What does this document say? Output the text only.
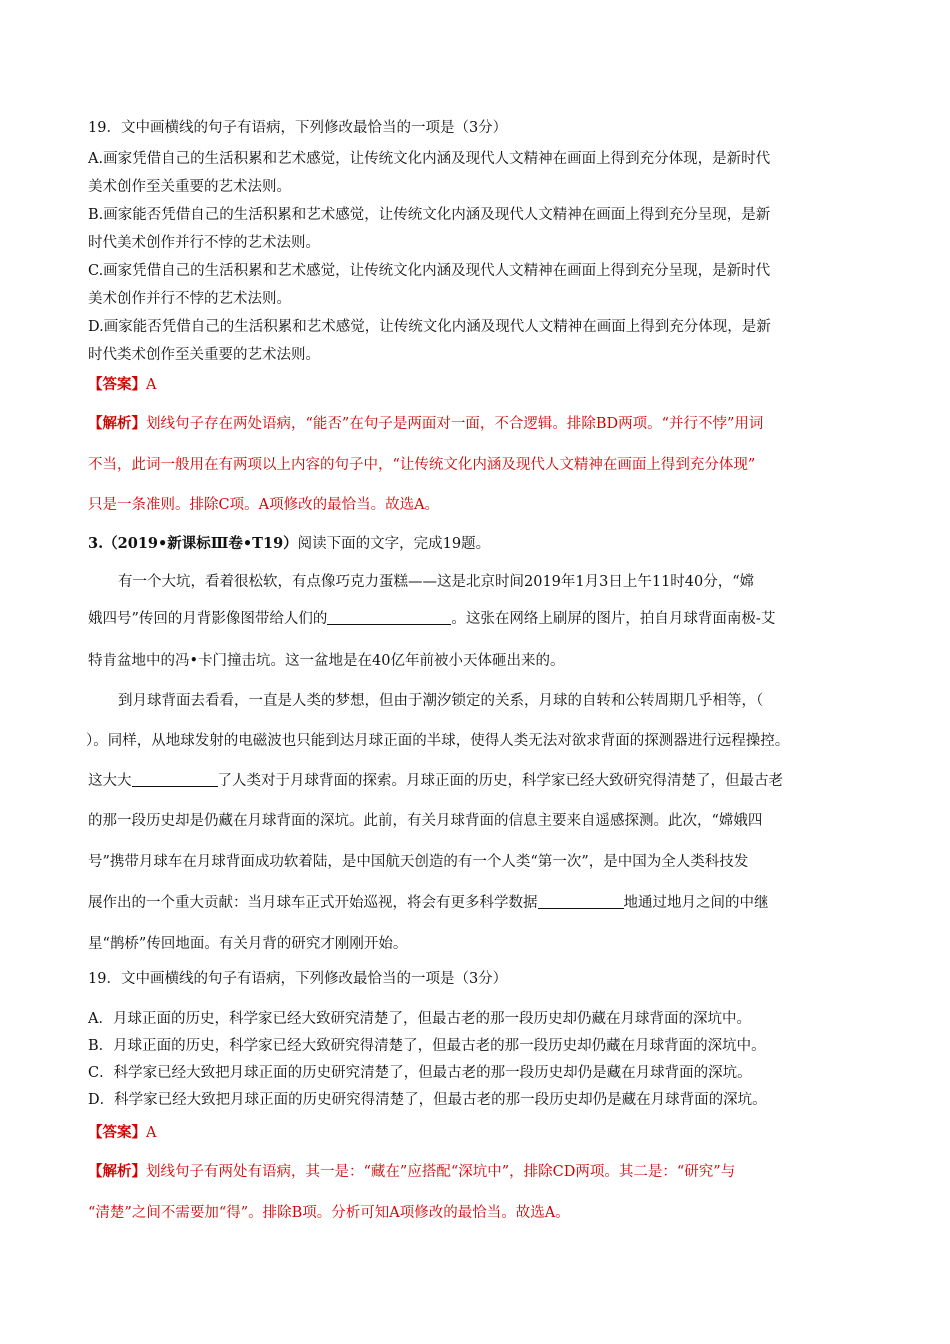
19．文中画横线的句子有语病，下列修改最恰当的一项是（3分）
A.画家凭借自己的生活积累和艺术感觉，让传统文化内涵及现代人文精神在画面上得到充分体现，是新时代
美术创作至关重要的艺术法则。
B.画家能否凭借自己的生活积累和艺术感觉，让传统文化内涵及现代人文精神在画面上得到充分呈现，是新
时代美术创作并行不悖的艺术法则。
C.画家凭借自己的生活积累和艺术感觉，让传统文化内涵及现代人文精神在画面上得到充分呈现，是新时代
美术创作并行不悖的艺术法则。
D.画家能否凭借自己的生活积累和艺术感觉，让传统文化内涵及现代人文精神在画面上得到充分体现，是新
时代类术创作至关重要的艺术法则。
【答案】A
【解析】划线句子存在两处语病，“能否”在句子是两面对一面，不合逻辑。排除BD两项。“并行不悖”用词
不当，此词一般用在有两项以上内容的句子中，“让传统文化内涵及现代人文精神在画面上得到充分体现”
只是一条准则。排除C项。A项修改的最恰当。故选A。
3.（2019•新课标Ⅲ卷•T19）阅读下面的文字，完成19题。
有一个大坑，看着很松软，有点像巧克力蛋糕——这是北京时间2019年1月3日上午11时40分，“嫦
娥四号”传回的月背影像图带给人们的	。这张在网络上刷屏的图片，拍自月球背面南极-艾
特肯盆地中的冯•卡门撞击坑。这一盆地是在40亿年前被小天体砸出来的。
到月球背面去看看，一直是人类的梦想，但由于潮汐锁定的关系，月球的自转和公转周期几乎相等，（
）。同样，从地球发射的电磁波也只能到达月球正面的半球，使得人类无法对欲求背面的探测器进行远程操控。
这大大	了人类对于月球背面的探索。月球正面的历史，科学家已经大致研究得清楚了，但最古老
的那一段历史却是仍藏在月球背面的深坑。此前，有关月球背面的信息主要来自遥感探测。此次，“嫦娥四
号”携带月球车在月球背面成功软着陆，是中国航天创造的有一个人类“第一次”，是中国为全人类科技发
展作出的一个重大贡献：当月球车正式开始巡视，将会有更多科学数据	地通过地月之间的中继
星“鹊桥”传回地面。有关月背的研究才刚刚开始。
19．文中画横线的句子有语病，下列修改最恰当的一项是（3分）
A．月球正面的历史，科学家已经大致研究清楚了，但最古老的那一段历史却仍藏在月球背面的深坑中。
B．月球正面的历史，科学家已经大致研究得清楚了，但最古老的那一段历史却仍藏在月球背面的深坑中。
C．科学家已经大致把月球正面的历史研究清楚了，但最古老的那一段历史却仍是藏在月球背面的深坑。
D．科学家已经大致把月球正面的历史研究得清楚了，但最古老的那一段历史却仍是藏在月球背面的深坑。
【答案】A
【解析】划线句子有两处有语病，其一是：“藏在”应搭配“深坑中”，排除CD两项。其二是：“研究”与
“清楚”之间不需要加“得”。排除B项。分析可知A项修改的最恰当。故选A。
